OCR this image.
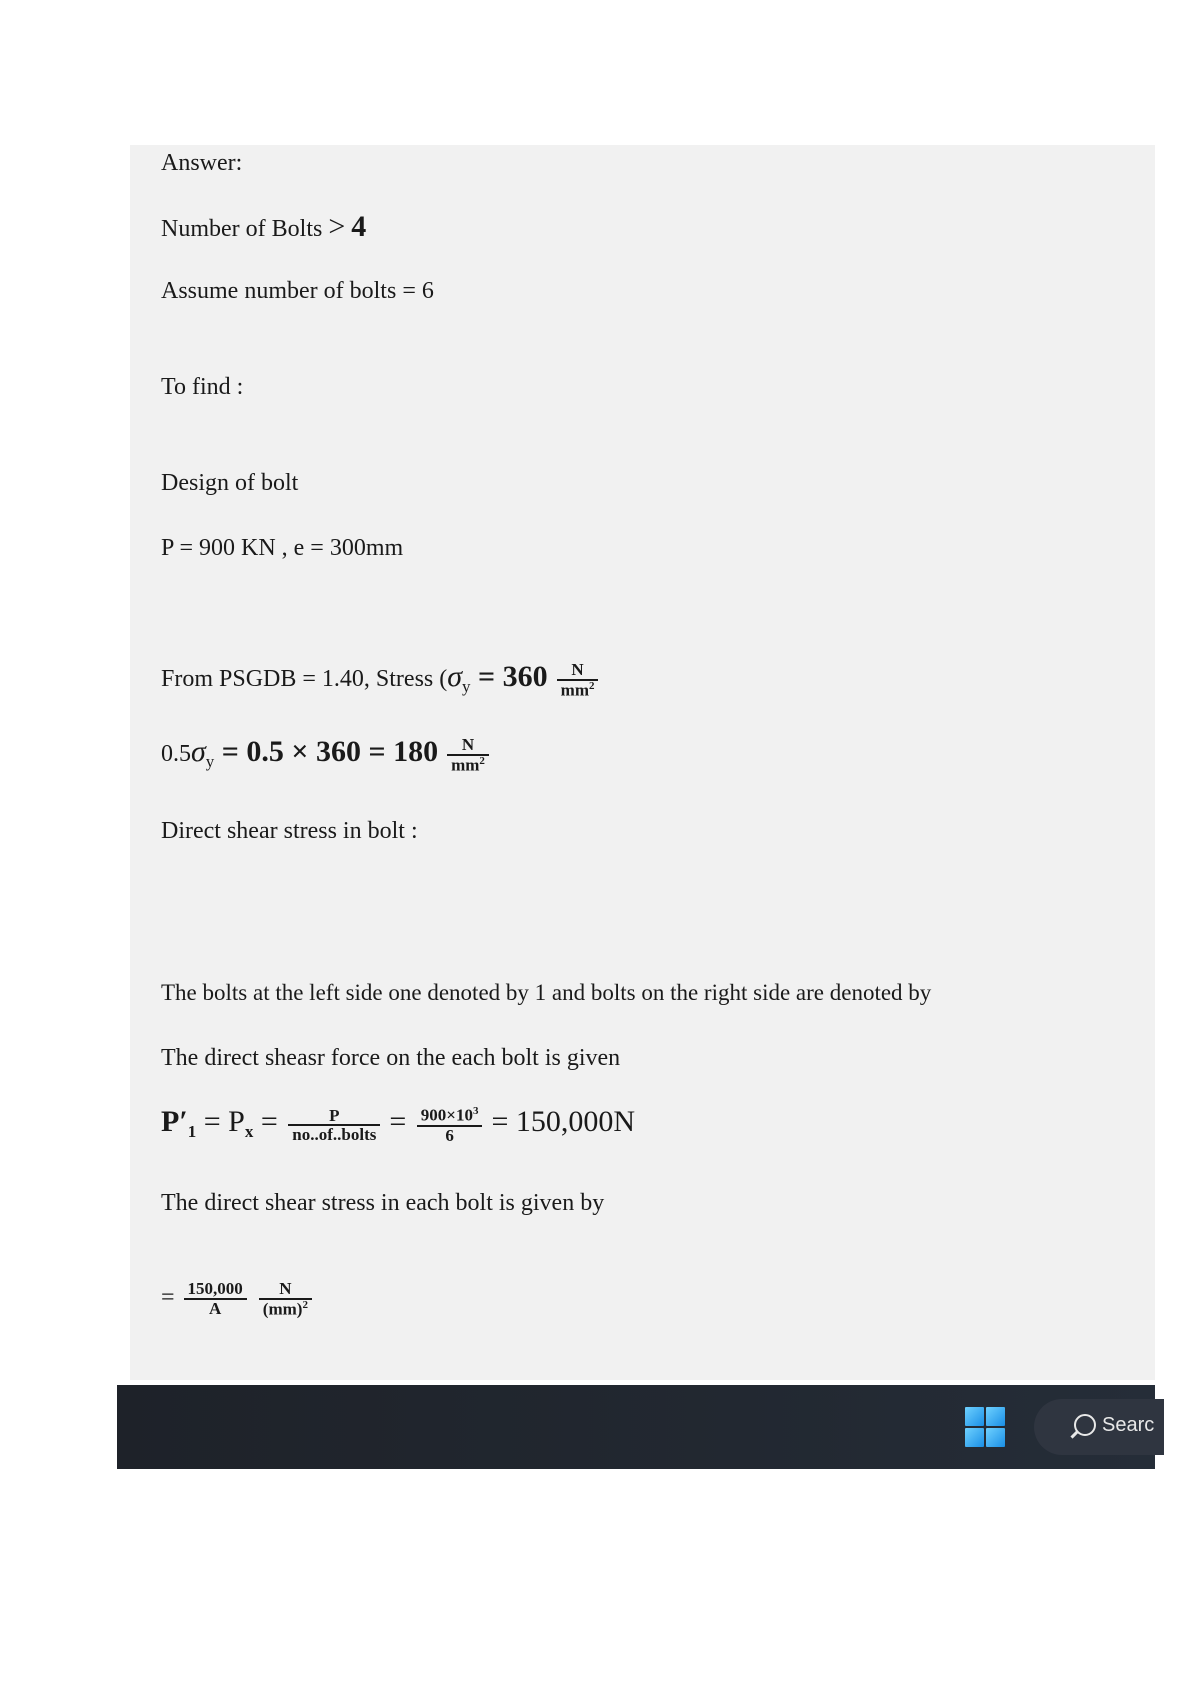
Answer:
Number of Bolts > 4
Assume number of bolts = 6
To find :
Design of bolt
P = 900 KN , e = 300mm
From PSGDB = 1.40, Stress ($\sigma_y = 360 \frac{N}{mm^2}$
$0.5\sigma_y = 0.5 \times 360 = 180 \frac{N}{mm^2}$
Direct shear stress in bolt :
The bolts at the left side one denoted by 1 and bolts on the right side are denoted by
The direct sheasr force on the each bolt is given
$P'_1 = P_x = \frac{P}{\text{no..of..bolts}} = \frac{900\times 10^3}{6} = 150,000N$
The direct shear stress in each bolt is given by
= $\frac{150,000}{A}$
$\frac{N}{(mm)^2}$
Searc
